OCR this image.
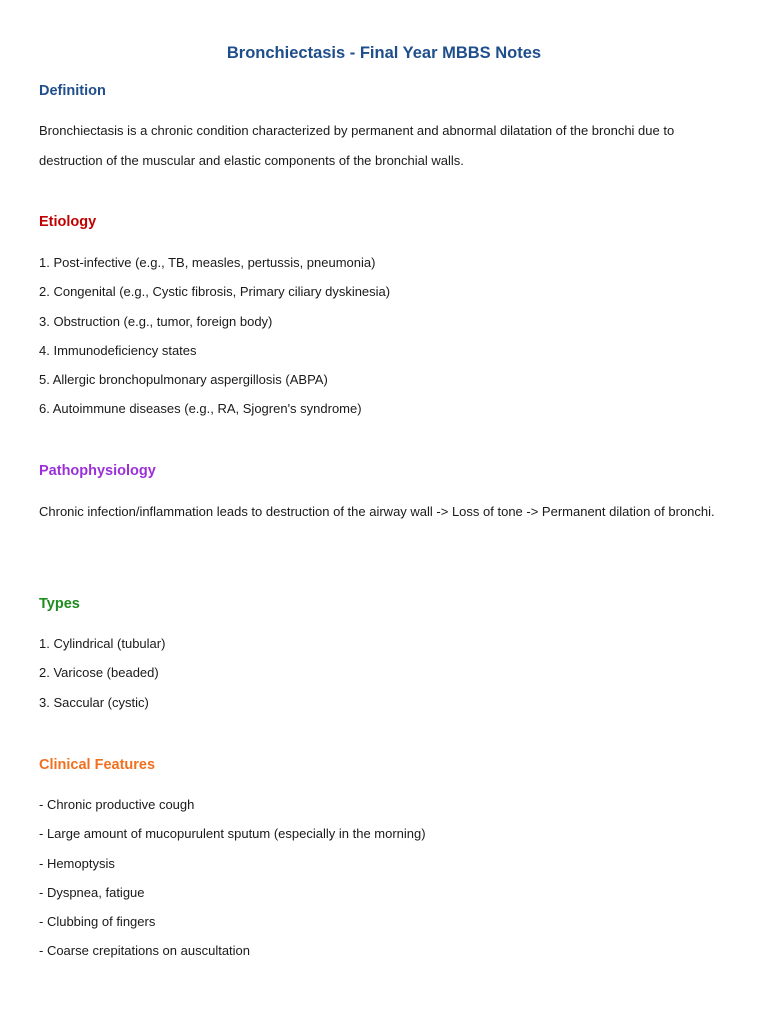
Bronchiectasis - Final Year MBBS Notes
Definition

Bronchiectasis is a chronic condition characterized by permanent and abnormal dilatation of the bronchi due to destruction of the muscular and elastic components of the bronchial walls.

Etiology
1. Post-infective (e.g., TB, measles, pertussis, pneumonia)
2. Congenital (e.g., Cystic fibrosis, Primary ciliary dyskinesia)
3. Obstruction (e.g., tumor, foreign body)
4. Immunodeficiency states
5. Allergic bronchopulmonary aspergillosis (ABPA)
6. Autoimmune diseases (e.g., RA, Sjogren's syndrome)
Pathophysiology

Chronic infection/inflammation leads to destruction of the airway wall -> Loss of tone -> Permanent dilation of bronchi.

Types
1. Cylindrical (tubular)
2. Varicose (beaded)
3. Saccular (cystic)
Clinical Features
- Chronic productive cough
- Large amount of mucopurulent sputum (especially in the morning)
- Hemoptysis
- Dyspnea, fatigue
- Clubbing of fingers
- Coarse crepitations on auscultation
